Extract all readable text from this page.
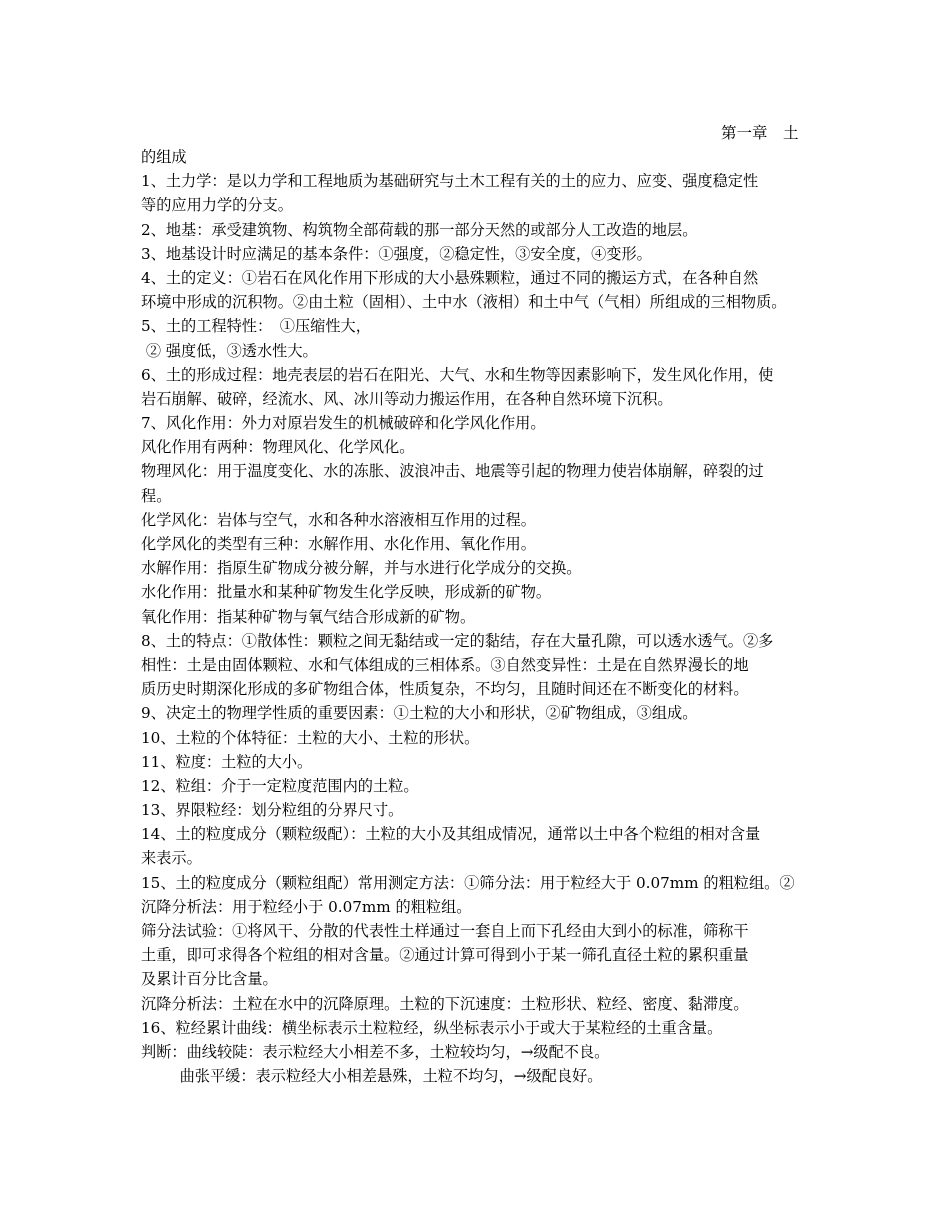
第一章　土
的组成
1、土力学：是以力学和工程地质为基础研究与土木工程有关的土的应力、应变、强度稳定性
等的应用力学的分支。
2、地基：承受建筑物、构筑物全部荷载的那一部分天然的或部分人工改造的地层。
3、地基设计时应满足的基本条件：①强度，②稳定性，③安全度，④变形。
4、土的定义：①岩石在风化作用下形成的大小悬殊颗粒，通过不同的搬运方式，在各种自然
环境中形成的沉积物。②由土粒（固相）、土中水（液相）和土中气（气相）所组成的三相物质。
5、土的工程特性：　①压缩性大，
② 强度低，③透水性大。
6、土的形成过程：地壳表层的岩石在阳光、大气、水和生物等因素影响下，发生风化作用，使
岩石崩解、破碎，经流水、风、冰川等动力搬运作用，在各种自然环境下沉积。
7、风化作用：外力对原岩发生的机械破碎和化学风化作用。
风化作用有两种：物理风化、化学风化。
物理风化：用于温度变化、水的冻胀、波浪冲击、地震等引起的物理力使岩体崩解，碎裂的过
程。
化学风化：岩体与空气，水和各种水溶液相互作用的过程。
化学风化的类型有三种：水解作用、水化作用、氧化作用。
水解作用：指原生矿物成分被分解，并与水进行化学成分的交换。
水化作用：批量水和某种矿物发生化学反映，形成新的矿物。
氧化作用：指某种矿物与氧气结合形成新的矿物。
8、土的特点：①散体性：颗粒之间无黏结或一定的黏结，存在大量孔隙，可以透水透气。②多
相性：土是由固体颗粒、水和气体组成的三相体系。③自然变异性：土是在自然界漫长的地
质历史时期深化形成的多矿物组合体，性质复杂，不均匀，且随时间还在不断变化的材料。
9、决定土的物理学性质的重要因素：①土粒的大小和形状，②矿物组成，③组成。
10、土粒的个体特征：土粒的大小、土粒的形状。
11、粒度：土粒的大小。
12、粒组：介于一定粒度范围内的土粒。
13、界限粒经：划分粒组的分界尺寸。
14、土的粒度成分（颗粒级配）：土粒的大小及其组成情况，通常以土中各个粒组的相对含量
来表示。
15、土的粒度成分（颗粒组配）常用测定方法：①筛分法：用于粒经大于 0.07mm 的粗粒组。②
沉降分析法：用于粒经小于 0.07mm 的粗粒组。
筛分法试验：①将风干、分散的代表性土样通过一套自上而下孔经由大到小的标准，筛称干
土重，即可求得各个粒组的相对含量。②通过计算可得到小于某一筛孔直径土粒的累积重量
及累计百分比含量。
沉降分析法：土粒在水中的沉降原理。土粒的下沉速度：土粒形状、粒经、密度、黏滞度。
16、粒经累计曲线：横坐标表示土粒粒经，纵坐标表示小于或大于某粒经的土重含量。
判断：曲线较陡：表示粒经大小相差不多，土粒较均匀，→级配不良。
曲张平缓：表示粒经大小相差悬殊，土粒不均匀，→级配良好。
